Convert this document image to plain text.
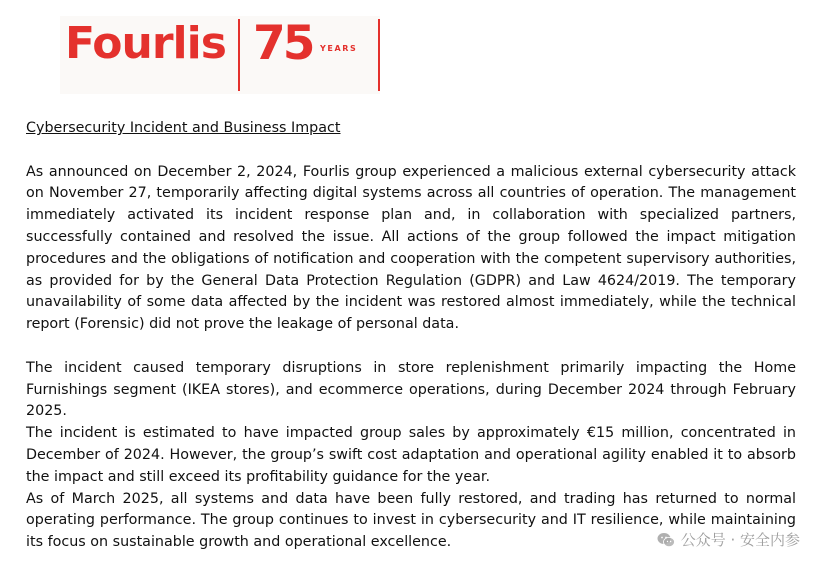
Fourlis 75 YEARS
Cybersecurity Incident and Business Impact

As announced on December 2, 2024, Fourlis group experienced a malicious external cybersecurity attack on November 27, temporarily affecting digital systems across all countries of operation. The management immediately activated its incident response plan and, in collaboration with specialized partners, successfully contained and resolved the issue. All actions of the group followed the impact mitigation procedures and the obligations of notification and cooperation with the competent supervisory authorities, as provided for by the General Data Protection Regulation (GDPR) and Law 4624/2019. The temporary unavailability of some data affected by the incident was restored almost immediately, while the technical report (Forensic) did not prove the leakage of personal data.

The incident caused temporary disruptions in store replenishment primarily impacting the Home Furnishings segment (IKEA stores), and ecommerce operations, during December 2024 through February 2025.

The incident is estimated to have impacted group sales by approximately €15 million, concentrated in December of 2024. However, the group’s swift cost adaptation and operational agility enabled it to absorb the impact and still exceed its profitability guidance for the year.

As of March 2025, all systems and data have been fully restored, and trading has returned to normal operating performance. The group continues to invest in cybersecurity and IT resilience, while maintaining its focus on sustainable growth and operational excellence.	公众号 · 安全内参
